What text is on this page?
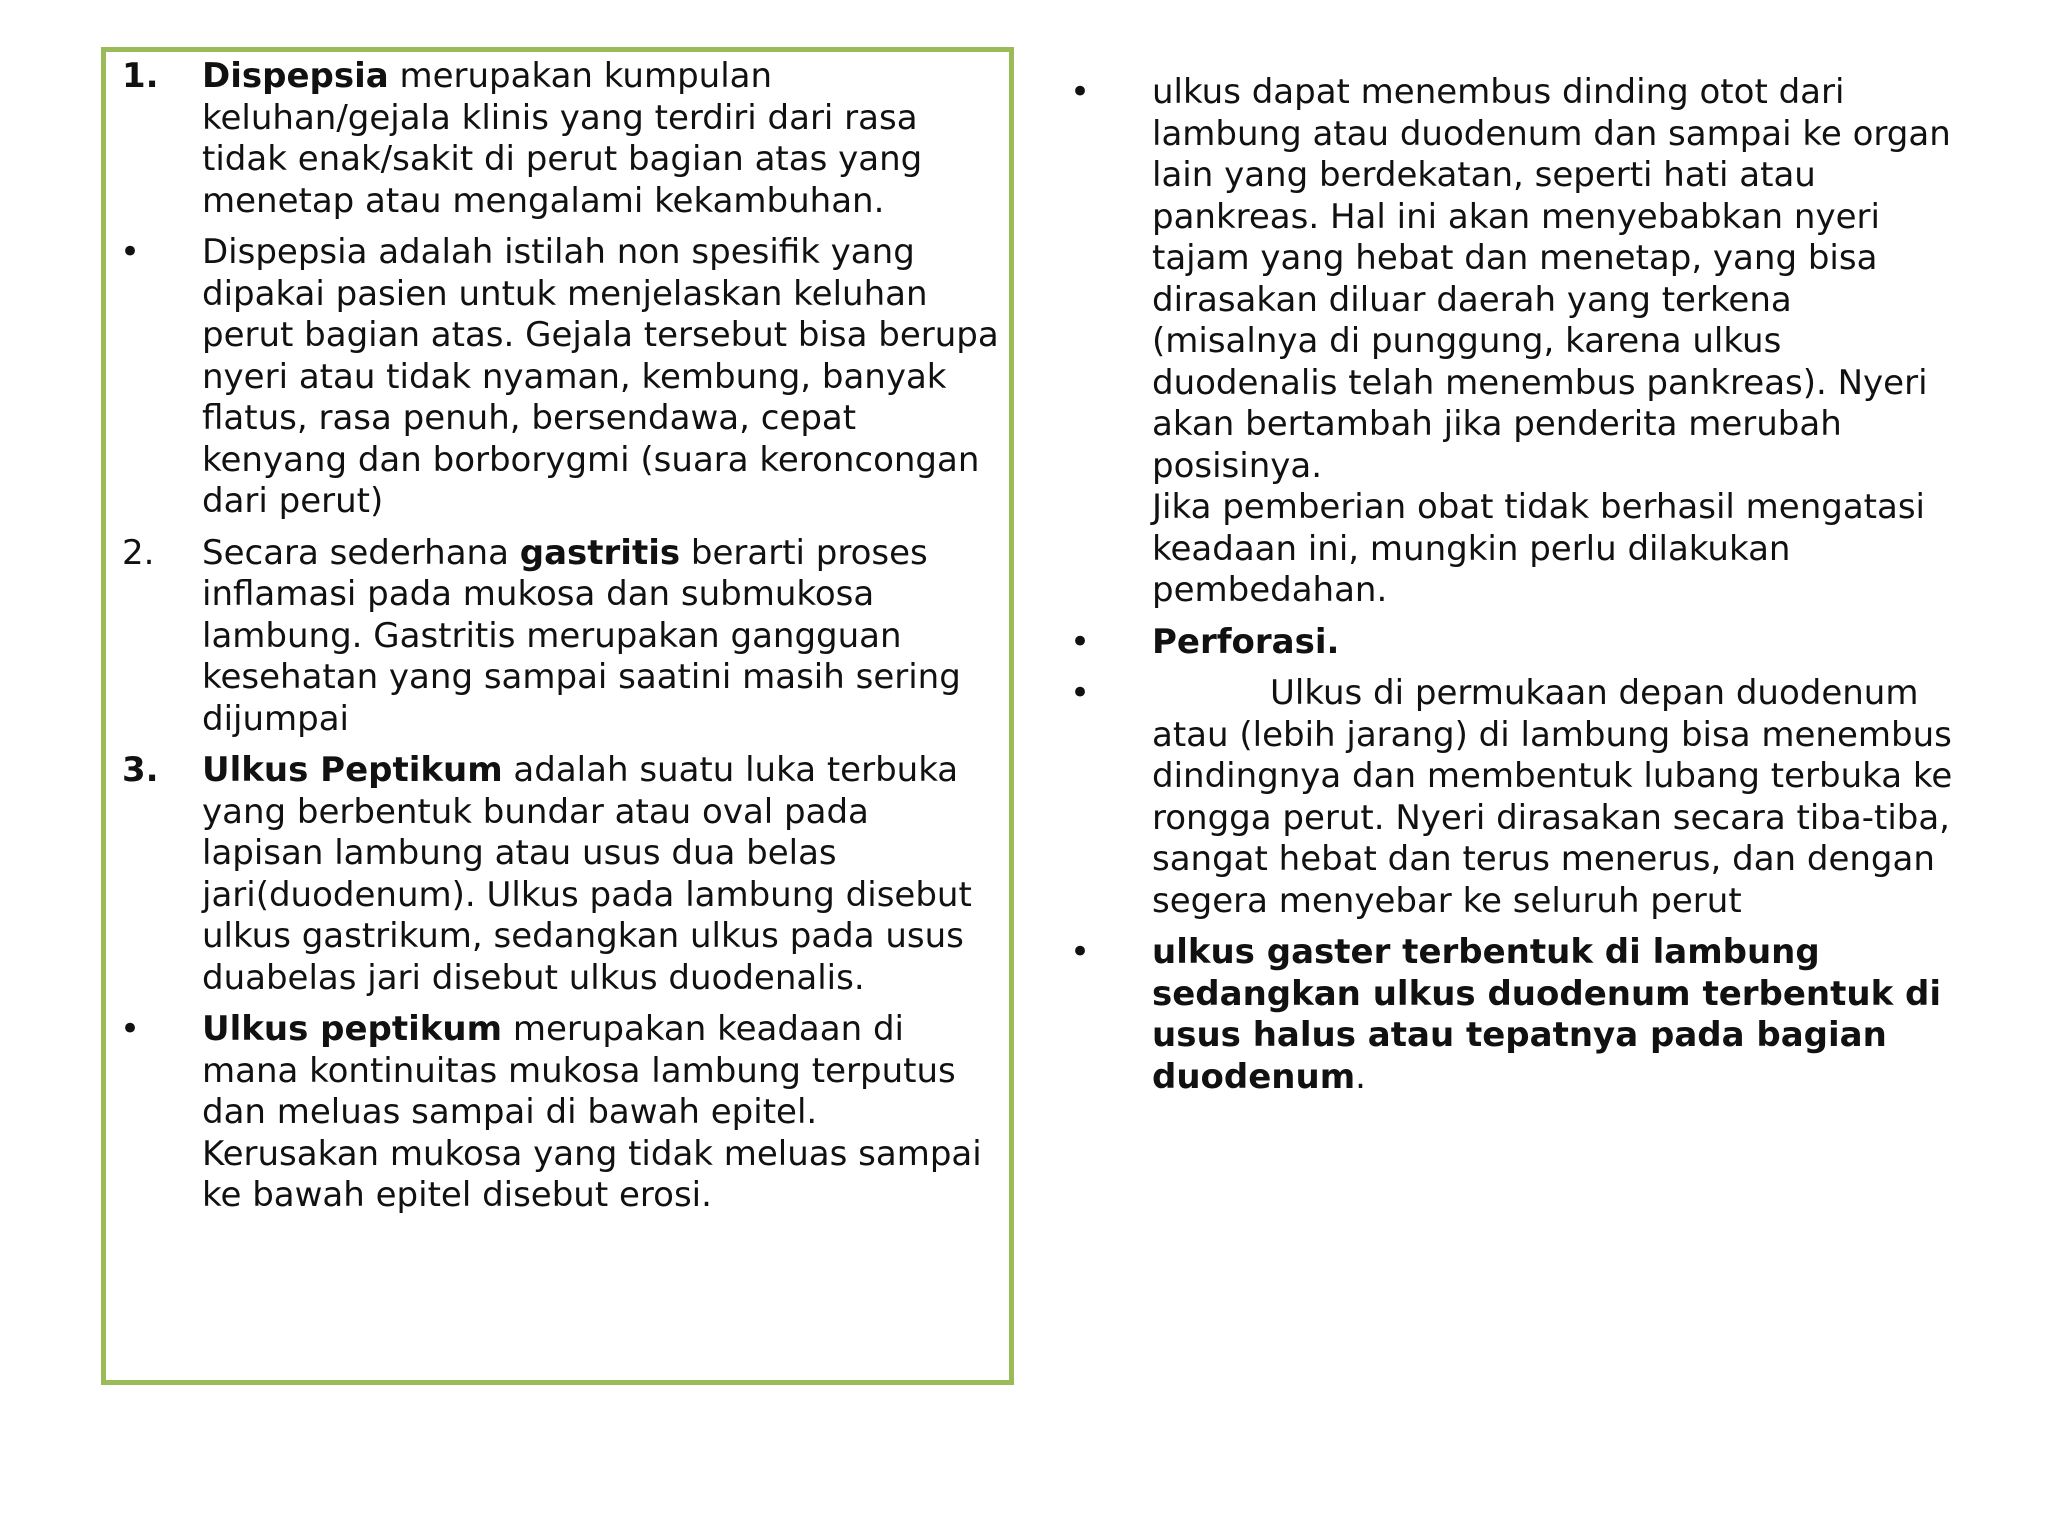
1. Dispepsia merupakan kumpulan keluhan/gejala klinis yang terdiri dari rasa tidak enak/sakit di perut bagian atas yang menetap atau mengalami kekambuhan.
• Dispepsia adalah istilah non spesifik yang dipakai pasien untuk menjelaskan keluhan perut bagian atas. Gejala tersebut bisa berupa nyeri atau tidak nyaman, kembung, banyak flatus, rasa penuh, bersendawa, cepat kenyang dan borborygmi (suara keroncongan dari perut)
2. Secara sederhana gastritis berarti proses inflamasi pada mukosa dan submukosa lambung. Gastritis merupakan gangguan kesehatan yang sampai saatini masih sering dijumpai
3. Ulkus Peptikum adalah suatu luka terbuka yang berbentuk bundar atau oval pada lapisan lambung atau usus dua belas jari(duodenum). Ulkus pada lambung disebut ulkus gastrikum, sedangkan ulkus pada usus duabelas jari disebut ulkus duodenalis.
• Ulkus peptikum merupakan keadaan di mana kontinuitas mukosa lambung terputus dan meluas sampai di bawah epitel. Kerusakan mukosa yang tidak meluas sampai ke bawah epitel disebut erosi.
• ulkus dapat menembus dinding otot dari lambung atau duodenum dan sampai ke organ lain yang berdekatan, seperti hati atau pankreas. Hal ini akan menyebabkan nyeri tajam yang hebat dan menetap, yang bisa dirasakan diluar daerah yang terkena (misalnya di punggung, karena ulkus duodenalis telah menembus pankreas). Nyeri akan bertambah jika penderita merubah posisinya.
Jika pemberian obat tidak berhasil mengatasi keadaan ini, mungkin perlu dilakukan pembedahan.
• Perforasi.
•	Ulkus di permukaan depan duodenum
atau (lebih jarang) di lambung bisa menembus dindingnya dan membentuk lubang terbuka ke rongga perut. Nyeri dirasakan secara tiba-tiba, sangat hebat dan terus menerus, dan dengan segera menyebar ke seluruh perut
• ulkus gaster terbentuk di lambung sedangkan ulkus duodenum terbentuk di usus halus atau tepatnya pada bagian duodenum.
